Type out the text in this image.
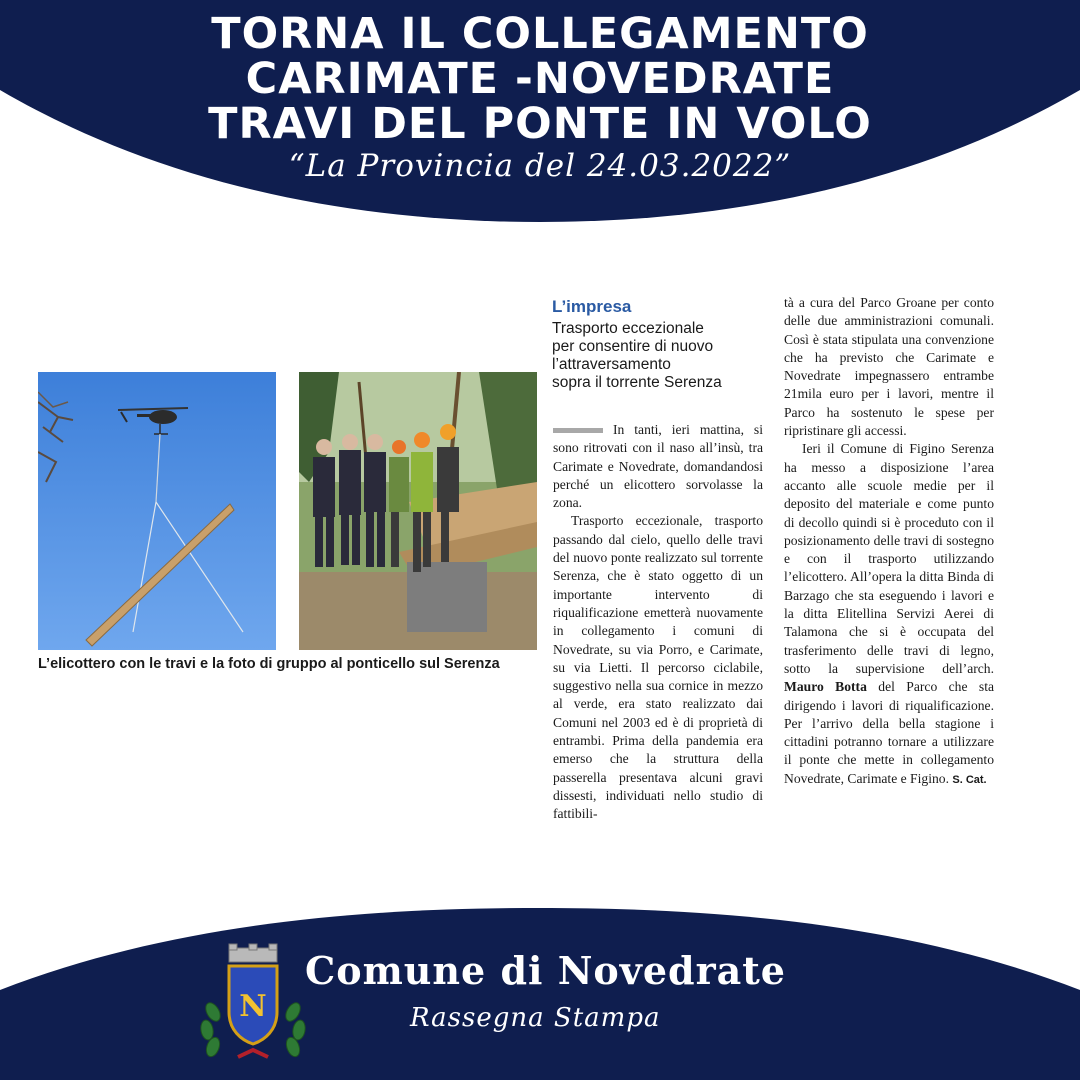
TORNA IL COLLEGAMENTO
CARIMATE -NOVEDRATE
TRAVI DEL PONTE IN VOLO
“La Provincia del 24.03.2022”
L’elicottero con le travi e la foto di gruppo al ponticello sul Serenza
L’impresa
Trasporto eccezionale
per consentire di nuovo
l’attraversamento
sopra il torrente Serenza

In tanti, ieri mattina, si sono ritrovati con il naso all’insù, tra Carimate e Novedrate, domandandosi perché un elicottero sorvolasse la zona.

Trasporto eccezionale, trasporto passando dal cielo, quello delle travi del nuovo ponte realizzato sul torrente Serenza, che è stato oggetto di un importante intervento di riqualificazione emetterà nuovamente in collegamento i comuni di Novedrate, su via Porro, e Carimate, su via Lietti. Il percorso ciclabile, suggestivo nella sua cornice in mezzo al verde, era stato realizzato dai Comuni nel 2003 ed è di proprietà di entrambi. Prima della pandemia era emerso che la struttura della passerella presentava alcuni gravi dissesti, individuati nello studio di fattibili-

tà a cura del Parco Groane per conto delle due amministrazioni comunali. Così è stata stipulata una convenzione che ha previsto che Carimate e Novedrate impegnassero entrambe 21mila euro per i lavori, mentre il Parco ha sostenuto le spese per ripristinare gli accessi.

Ieri il Comune di Figino Serenza ha messo a disposizione l’area accanto alle scuole medie per il deposito del materiale e come punto di decollo quindi si è proceduto con il posizionamento delle travi di sostegno e con il trasporto utilizzando l’elicottero. All’opera la ditta Binda di Barzago che sta eseguendo i lavori e la ditta Elitellina Servizi Aerei di Talamona che si è occupata del trasferimento delle travi di legno, sotto la supervisione dell’arch. Mauro Botta del Parco che sta dirigendo i lavori di riqualificazione. Per l’arrivo della bella stagione i cittadini potranno tornare a utilizzare il ponte che mette in collegamento Novedrate, Carimate e Figino. S. Cat.

N
Comune di Novedrate
Rassegna Stampa
